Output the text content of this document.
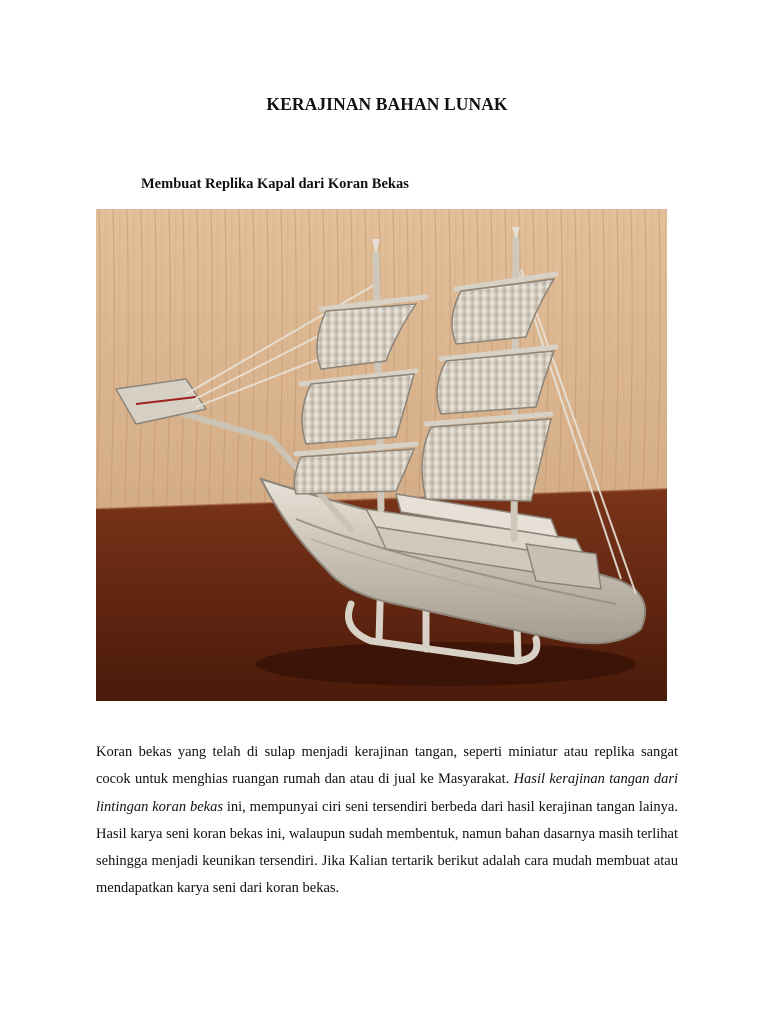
KERAJINAN BAHAN LUNAK
Membuat Replika Kapal dari Koran Bekas

Koran bekas yang telah di sulap menjadi kerajinan tangan, seperti miniatur atau replika sangat cocok untuk menghias ruangan rumah dan atau di jual ke Masyarakat. Hasil kerajinan tangan dari lintingan koran bekas ini, mempunyai ciri seni tersendiri berbeda dari hasil kerajinan tangan lainya. Hasil karya seni koran bekas ini, walaupun sudah membentuk, namun bahan dasarnya masih terlihat sehingga menjadi keunikan tersendiri. Jika Kalian tertarik berikut adalah cara mudah membuat atau mendapatkan karya seni dari koran bekas.
